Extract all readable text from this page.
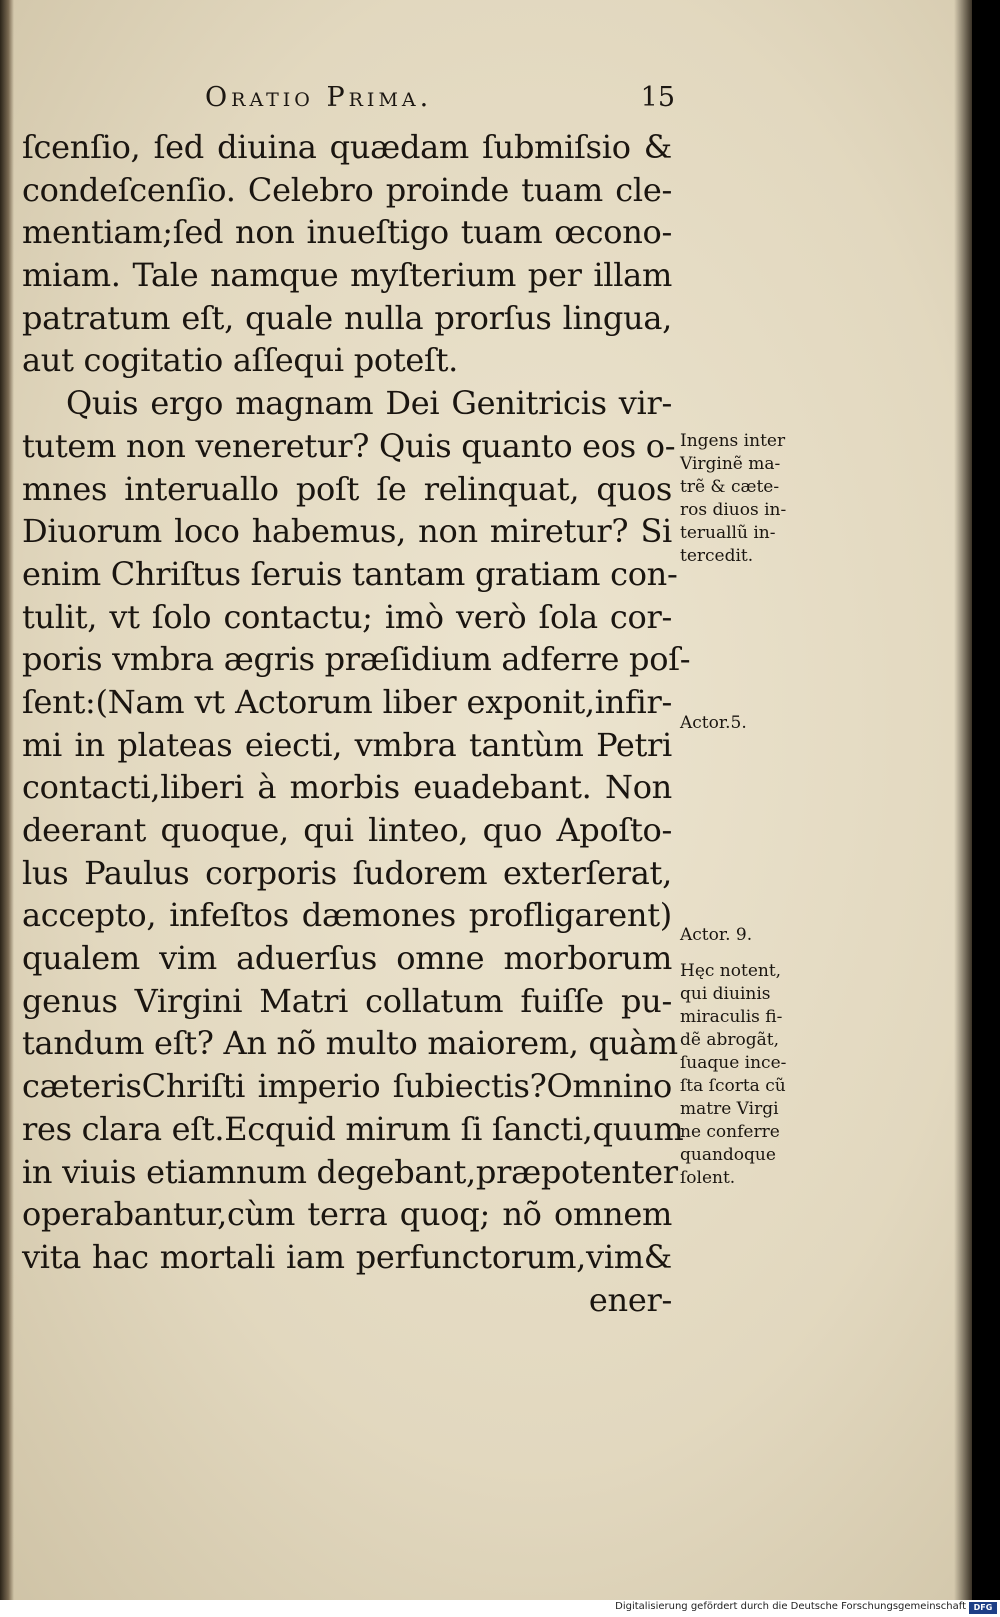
Oratio Prima.	15
ſcenſio, ſed diuina quædam ſubmiſsio &
condeſcenſio. Celebro proinde tuam cle-
mentiam;ſed non inueſtigo tuam œcono-
miam. Tale namque myſterium per illam
patratum eſt, quale nulla prorſus lingua,
aut cogitatio aſſequi poteſt.
Quis ergo magnam Dei Genitricis vir-
tutem non veneretur? Quis quanto eos o-
mnes interuallo poſt ſe relinquat, quos
Diuorum loco habemus, non miretur? Si
enim Chriſtus ſeruis tantam gratiam con-
tulit, vt ſolo contactu; imò verò ſola cor-
poris vmbra ægris præſidium adferre poſ-
ſent:(Nam vt Actorum liber exponit,infir-
mi in plateas eiecti, vmbra tantùm Petri
contacti,liberi à morbis euadebant. Non
deerant quoque, qui linteo, quo Apoſto-
lus Paulus corporis ſudorem exterſerat,
accepto, infeſtos dæmones profligarent)
qualem vim aduerſus omne morborum
genus Virgini Matri collatum fuiſſe pu-
tandum eſt? An nõ multo maiorem, quàm
cæterisChriſti imperio ſubiectis?Omnino
res clara eſt.Ecquid mirum ſi ſancti,quum
in viuis etiamnum degebant,præpotenter
operabantur,cùm terra quoq; nõ omnem
vita hac mortali iam perfunctorum,vim&
ener-

Ingens inter

Virginẽ ma-

trẽ & cæte-

ros diuos in-

teruallũ in-

tercedit.

Actor.5.

Actor. 9.

Hęc notent,

qui diuinis

miraculis fi-

dẽ abrogãt,

ſuaque ince-

ſta ſcorta cũ

matre Virgi

ne conferre

quandoque

ſolent.

Digitalisierung gefördert durch die Deutsche Forschungsgemeinschaft DFG
